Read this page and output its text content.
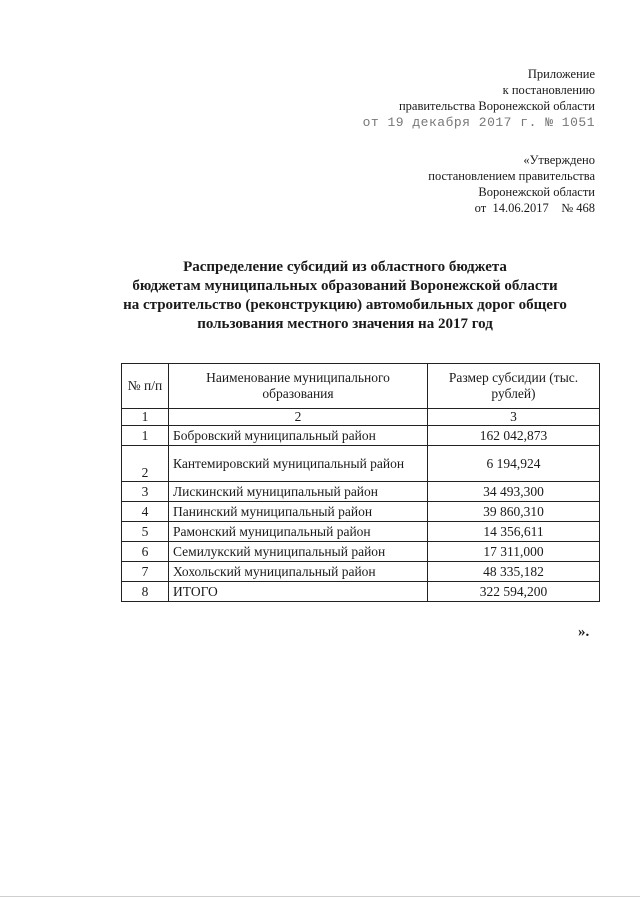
Приложение
к постановлению
правительства Воронежской области
от 19 декабря 2017 г. № 1051
«Утверждено
постановлением правительства
Воронежской области
от  14.06.2017    № 468
Распределение субсидий из областного бюджета
бюджетам муниципальных образований Воронежской области
на строительство (реконструкцию) автомобильных дорог общего
пользования местного значения на 2017 год
№ п/п	Наименование муниципального образования	Размер субсидии (тыс. рублей)
1	2	3
1	Бобровский муниципальный район	162 042,873
2	Кантемировский муниципальный район	6 194,924
3	Лискинский муниципальный район	34 493,300
4	Панинский муниципальный район	39 860,310
5	Рамонский муниципальный район	14 356,611
6	Семилукский муниципальный район	17 311,000
7	Хохольский муниципальный район	48 335,182
8	ИТОГО	322 594,200
».
